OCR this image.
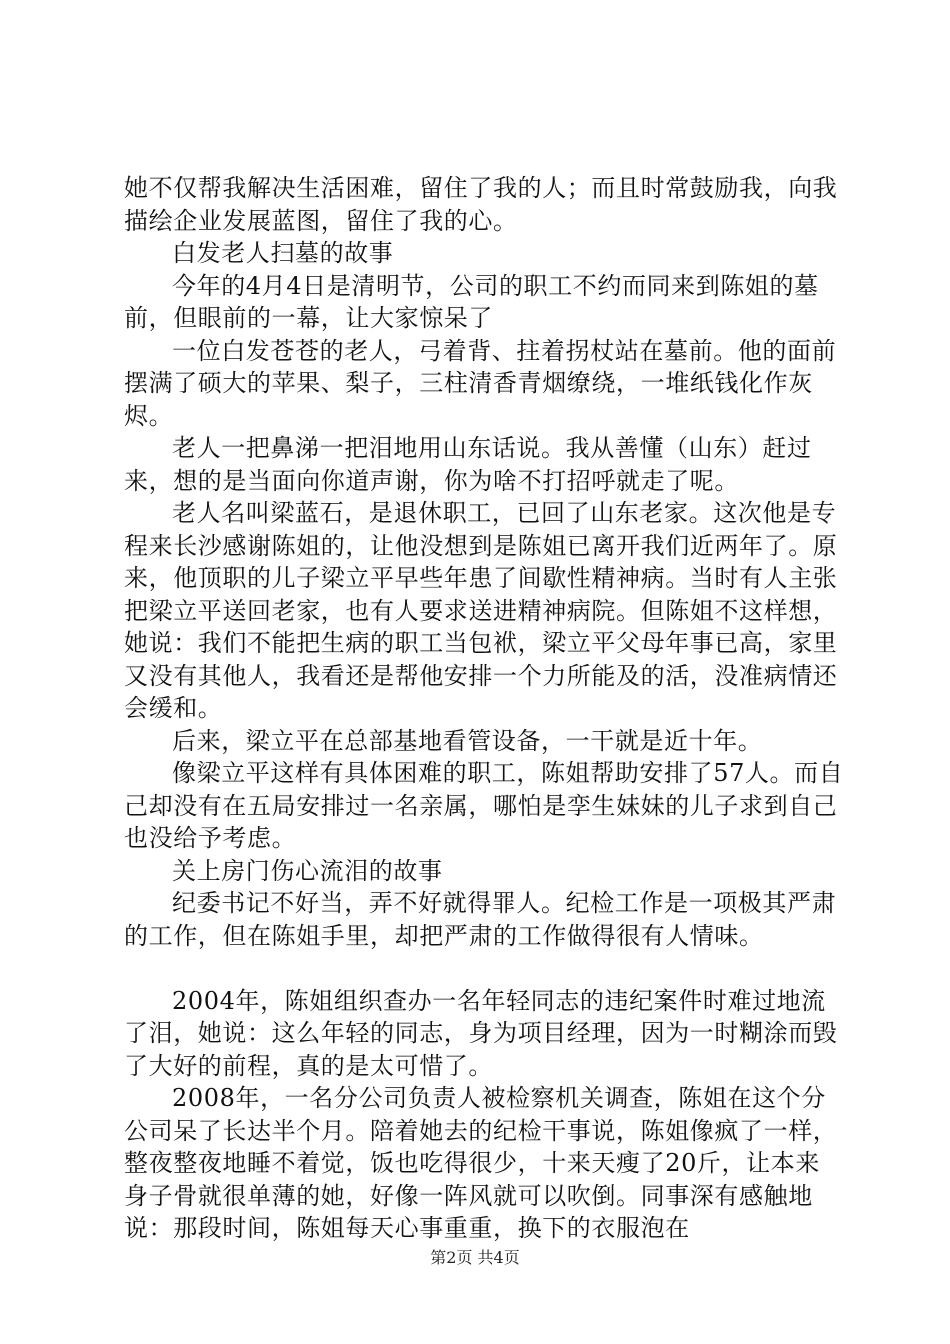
她不仅帮我解决生活困难，留住了我的人；而且时常鼓励我，向我描绘企业发展蓝图，留住了我的心。

白发老人扫墓的故事

今年的4月4日是清明节，公司的职工不约而同来到陈姐的墓前，但眼前的一幕，让大家惊呆了

一位白发苍苍的老人，弓着背、拄着拐杖站在墓前。他的面前摆满了硕大的苹果、梨子，三柱清香青烟缭绕，一堆纸钱化作灰烬。

老人一把鼻涕一把泪地用山东话说。我从善懂（山东）赶过来，想的是当面向你道声谢，你为啥不打招呼就走了呢。

老人名叫梁蓝石，是退休职工，已回了山东老家。这次他是专程来长沙感谢陈姐的，让他没想到是陈姐已离开我们近两年了。原来，他顶职的儿子梁立平早些年患了间歇性精神病。当时有人主张把梁立平送回老家，也有人要求送进精神病院。但陈姐不这样想，她说：我们不能把生病的职工当包袱，梁立平父母年事已高，家里又没有其他人，我看还是帮他安排一个力所能及的活，没准病情还会缓和。

后来，梁立平在总部基地看管设备，一干就是近十年。

像梁立平这样有具体困难的职工，陈姐帮助安排了57人。而自己却没有在五局安排过一名亲属，哪怕是孪生妹妹的儿子求到自己也没给予考虑。

关上房门伤心流泪的故事

纪委书记不好当，弄不好就得罪人。纪检工作是一项极其严肃的工作，但在陈姐手里，却把严肃的工作做得很有人情味。

2004年，陈姐组织查办一名年轻同志的违纪案件时难过地流了泪，她说：这么年轻的同志，身为项目经理，因为一时糊涂而毁了大好的前程，真的是太可惜了。

2008年，一名分公司负责人被检察机关调查，陈姐在这个分公司呆了长达半个月。陪着她去的纪检干事说，陈姐像疯了一样，整夜整夜地睡不着觉，饭也吃得很少，十来天瘦了20斤，让本来身子骨就很单薄的她，好像一阵风就可以吹倒。同事深有感触地说：那段时间，陈姐每天心事重重，换下的衣服泡在

第2页 共4页
